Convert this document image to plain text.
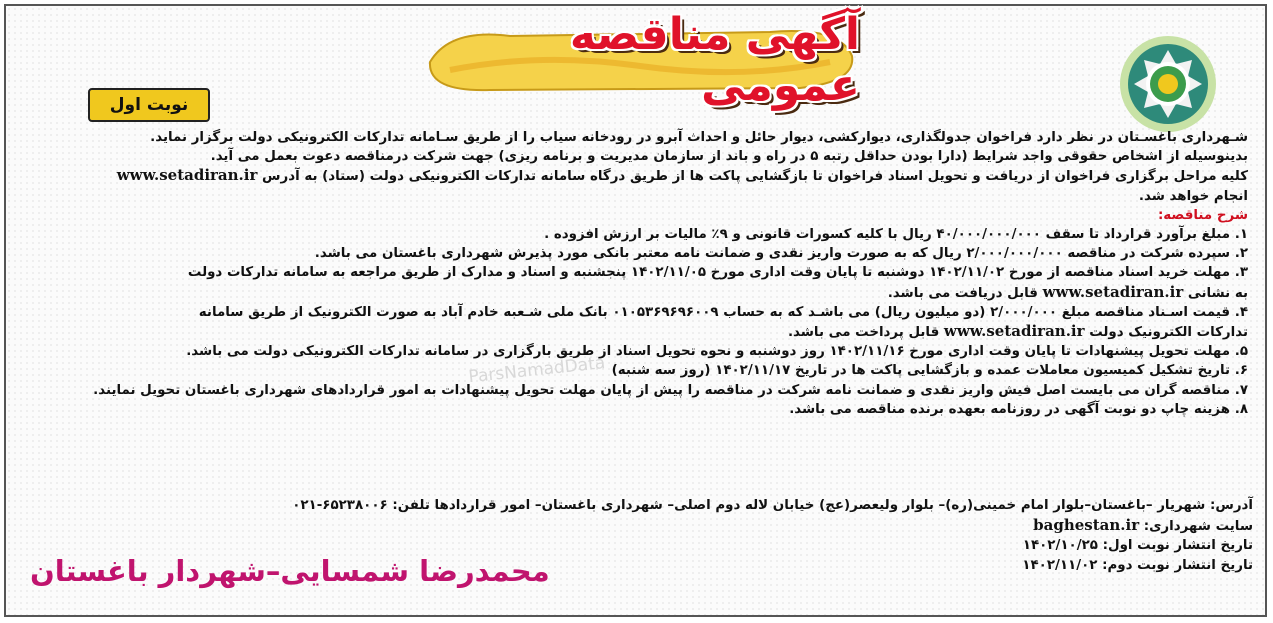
ParsNamadData
آگهی مناقصه عمومی
نوبت اول

شـهرداری باغسـتان در نظر دارد فراخوان جدولگذاری، دیوارکشی، دیوار حائل و احداث آبرو در رودخانه سیاب را از طریق سـامانه تدارکات الکترونیکی دولت برگزار نماید.

بدینوسیله از اشخاص حقوقی واجد شرایط (دارا بودن حداقل رتبه ۵ در راه و باند از سازمان مدیریت و برنامه ریزی) جهت شرکت درمناقصه دعوت بعمل می آید.

کلیه مراحل برگزاری فراخوان از دریافت و تحویل اسناد فراخوان تا بازگشایی پاکت ها از طریق درگاه سامانه تدارکات الکترونیکی دولت (ستاد) به آدرس www.setadiran.ir

انجام خواهد شد.

شرح مناقصه:

۱. مبلغ برآورد قرارداد تا سقف ۴۰/۰۰۰/۰۰۰/۰۰۰ ریال با کلیه کسورات قانونی و ۹٪ مالیات بر ارزش افزوده .

۲. سپرده شرکت در مناقصه ۲/۰۰۰/۰۰۰/۰۰۰ ریال که به صورت واریز نقدی و ضمانت نامه معتبر بانکی مورد پذیرش شهرداری باغستان می باشد.

۳. مهلت خرید اسناد مناقصه از مورخ ۱۴۰۲/۱۱/۰۲ دوشنبه تا پایان وقت اداری مورخ ۱۴۰۲/۱۱/۰۵ پنجشنبه و اسناد و مدارک از طریق مراجعه به سامانه تدارکات دولت

به نشانی www.setadiran.ir قابل دریافت می باشد.

۴. قیمت اسـناد مناقصه مبلغ ۲/۰۰۰/۰۰۰ (دو میلیون ریال) می باشـد که به حساب ۰۱۰۵۳۶۹۶۹۶۰۰۹ بانک ملی شـعبه خادم آباد به صورت الکترونیک از طریق سامانه

تدارکات الکترونیک دولت www.setadiran.ir قابل پرداخت می باشد.

۵. مهلت تحویل پیشنهادات تا پایان وقت اداری مورخ ۱۴۰۲/۱۱/۱۶ روز دوشنبه و نحوه تحویل اسناد از طریق بارگزاری در سامانه تدارکات الکترونیکی دولت می باشد.

۶. تاریخ تشکیل کمیسیون معاملات عمده و بازگشایی پاکت ها در تاریخ ۱۴۰۲/۱۱/۱۷ (روز سه شنبه)

۷. مناقصه گران می بایست اصل فیش واریز نقدی و ضمانت نامه شرکت در مناقصه را پیش از پایان مهلت تحویل پیشنهادات به امور قراردادهای شهرداری باغستان تحویل نمایند.

۸. هزینه چاپ دو نوبت آگهی در روزنامه بعهده برنده مناقصه می باشد.

آدرس: شهریار –باغستان–بلوار امام خمینی(ره)– بلوار ولیعصر(عج) خیابان لاله دوم اصلی– شهرداری باغستان– امور قراردادها تلفن: ۶۵۲۳۸۰۰۶-۰۲۱

سایت شهرداری: baghestan.ir

تاریخ انتشار نوبت اول: ۱۴۰۲/۱۰/۲۵

تاریخ انتشار نوبت دوم: ۱۴۰۲/۱۱/۰۲

محمدرضا شمسایی–شهردار باغستان
